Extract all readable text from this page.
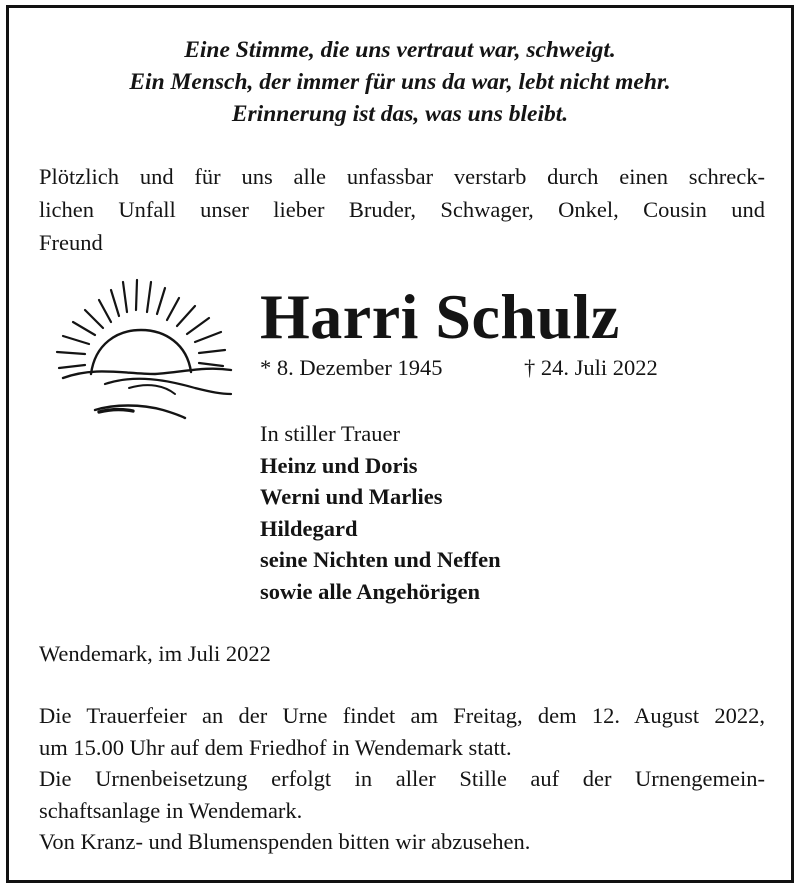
Eine Stimme, die uns vertraut war, schweigt.
Ein Mensch, der immer für uns da war, lebt nicht mehr.
Erinnerung ist das, was uns bleibt.
Plötzlich und für uns alle unfassbar verstarb durch einen schreck-
lichen Unfall unser lieber Bruder, Schwager, Onkel, Cousin und
Freund
Harri Schulz
* 8. Dezember 1945	† 24. Juli 2022
In stiller Trauer
Heinz und Doris
Werni und Marlies
Hildegard
seine Nichten und Neffen
sowie alle Angehörigen
Wendemark, im Juli 2022
Die Trauerfeier an der Urne findet am Freitag, dem 12. August 2022,
um 15.00 Uhr auf dem Friedhof in Wendemark statt.
Die Urnenbeisetzung erfolgt in aller Stille auf der Urnengemein-
schaftsanlage in Wendemark.
Von Kranz- und Blumenspenden bitten wir abzusehen.
